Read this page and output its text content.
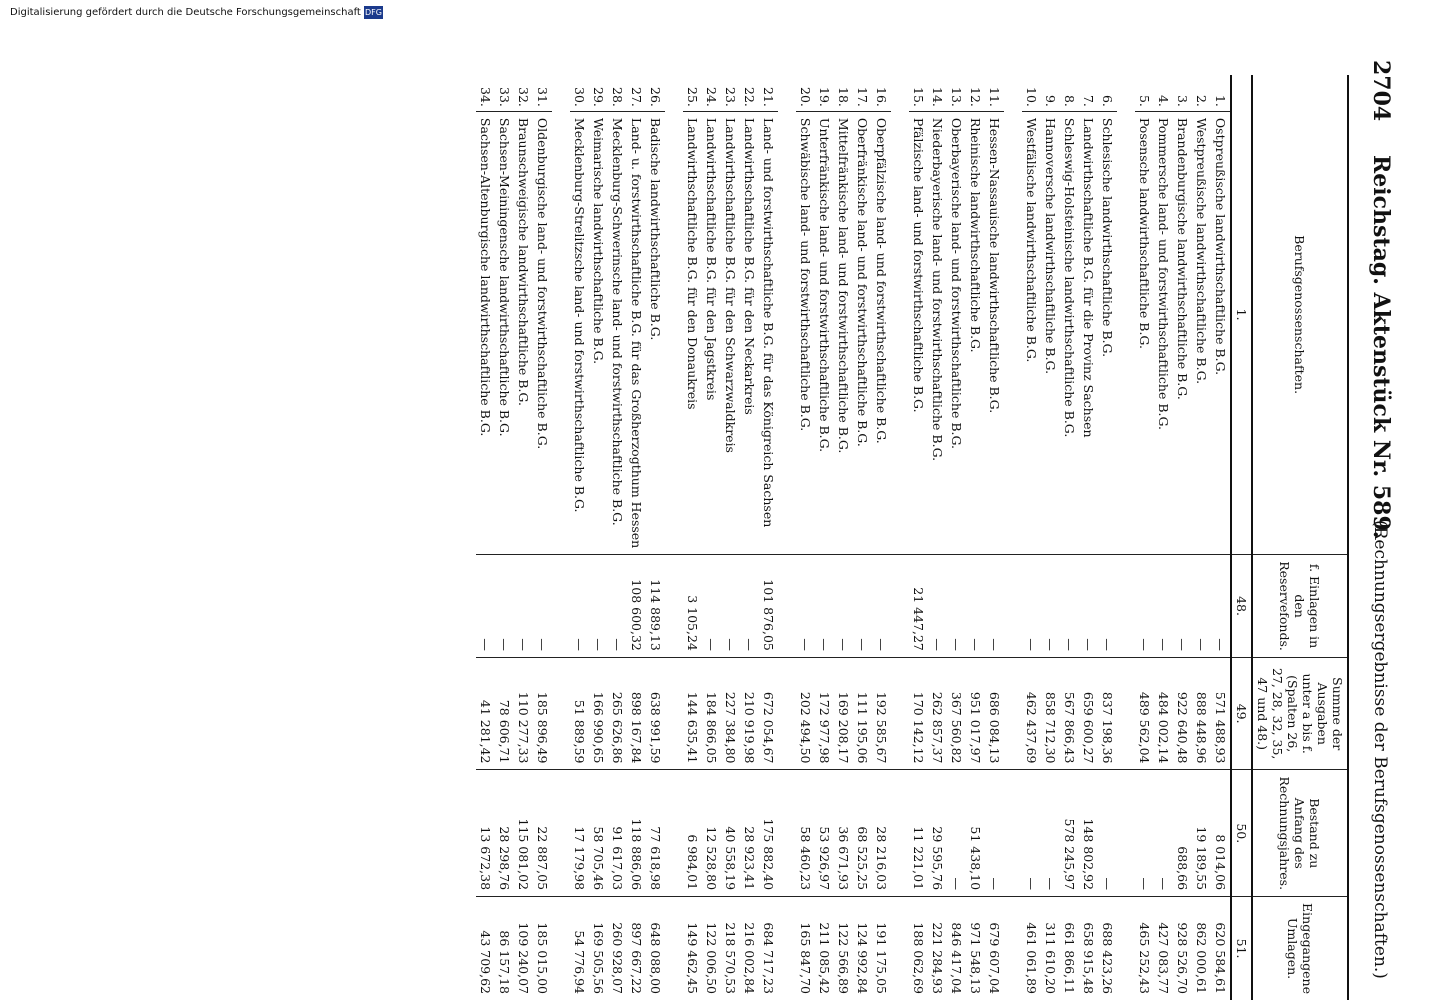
2704
Reichstag. Aktenstück Nr. 589.
(Rechnungsergebnisse der Berufsgenossenschaften.)
Berufsgenossenschaften.		f. Einlagen in den Reservefonds.	Summe der Ausgaben unter a bis f. (Spalten 26, 27, 28, 32, 35, 47 und 48.)	Bestand zu Anfang des Rechnungsjahres.	Eingegangene Umlagen.
1.		48.	49.	50.	51.
1.	Ostpreußische landwirthschaftliche B.G.	—	571 488,93	8 014,06	620 584,61
2.	Westpreußische landwirthschaftliche B.G.	—	888 448,96	19 189,55	862 000,61
3.	Brandenburgische landwirthschaftliche B.G.	—	922 640,48	688,66	928 526,70
4.	Pommersche land- und forstwirthschaftliche B.G.	—	484 002,14	—	427 083,77
5.	Posensche landwirthschaftliche B.G.	—	489 562,04	—	465 252,43

6.	Schlesische landwirthschaftliche B.G.	—	837 198,36	—	688 423,26
7.	Landwirthschaftliche B.G. für die Provinz Sachsen	—	659 600,27	148 802,92	658 915,48
8.	Schleswig-Holsteinische landwirthschaftliche B.G.	—	567 866,43	578 245,97	661 866,11
9.	Hannoversche landwirthschaftliche B.G.	—	858 712,30	—	311 610,20
10.	Westfälische landwirthschaftliche B.G.	—	462 437,69	—	461 061,89

11.	Hessen-Nassauische landwirthschaftliche B.G.	—	686 084,13	—	679 607,04
12.	Rheinische landwirthschaftliche B.G.	—	951 017,97	51 438,10	971 548,13
13.	Oberbayerische land- und forstwirthschaftliche B.G.	—	367 560,82	—	846 417,04
14.	Niederbayerische land- und forstwirthschaftliche B.G.	—	262 857,37	29 595,76	221 284,93
15.	Pfälzische land- und forstwirthschaftliche B.G.	21 447,27	170 142,12	11 221,01	188 062,69

16.	Oberpfälzische land- und forstwirthschaftliche B.G.	—	192 585,67	28 216,03	191 175,05
17.	Oberfränkische land- und forstwirthschaftliche B.G.	—	111 195,06	68 525,25	124 992,84
18.	Mittelfränkische land- und forstwirthschaftliche B.G.	—	169 208,17	36 671,93	122 566,89
19.	Unterfränkische land- und forstwirthschaftliche B.G.	—	172 977,98	53 926,97	211 085,42
20.	Schwäbische land- und forstwirthschaftliche B.G.	—	202 494,50	58 460,23	165 847,70

21.	Land- und forstwirthschaftliche B.G. für das Königreich Sachsen	101 876,05	672 054,67	175 882,40	684 717,23
22.	Landwirthschaftliche B.G. für den Neckarkreis	—	210 919,98	28 923,41	216 002,84
23.	Landwirthschaftliche B.G. für den Schwarzwaldkreis	—	227 384,80	40 558,19	218 570,53
24.	Landwirthschaftliche B.G. für den Jagstkreis	—	184 866,05	12 528,80	122 006,50
25.	Landwirthschaftliche B.G. für den Donaukreis	3 105,24	144 635,41	6 984,01	149 462,45

26.	Badische landwirthschaftliche B.G.	114 889,13	638 991,59	77 618,98	648 088,00
27.	Land- u. forstwirthschaftliche B.G. für das Großherzogthum Hessen	108 600,32	898 167,84	118 886,06	897 667,22
28.	Mecklenburg-Schwerinsche land- und forstwirthschaftliche B.G.	—	265 626,86	91 617,03	260 928,07
29.	Weimarische landwirthschaftliche B.G.	—	166 990,65	58 705,46	169 505,56
30.	Mecklenburg-Strelitzsche land- und forstwirthschaftliche B.G.	—	51 889,59	17 179,98	54 776,94

31.	Oldenburgische land- und forstwirthschaftliche B.G.	—	185 896,49	22 887,05	185 015,00
32.	Braunschweigische landwirthschaftliche B.G.	—	110 277,33	115 081,02	109 240,07
33.	Sachsen-Meiningensche landwirthschaftliche B.G.	—	78 606,71	28 298,76	86 157,18
34.	Sachsen-Altenburgische landwirthschaftliche B.G.	—	41 281,42	13 672,38	43 709,62
Digitalisierung gefördert durch die Deutsche Forschungsgemeinschaft DFG
